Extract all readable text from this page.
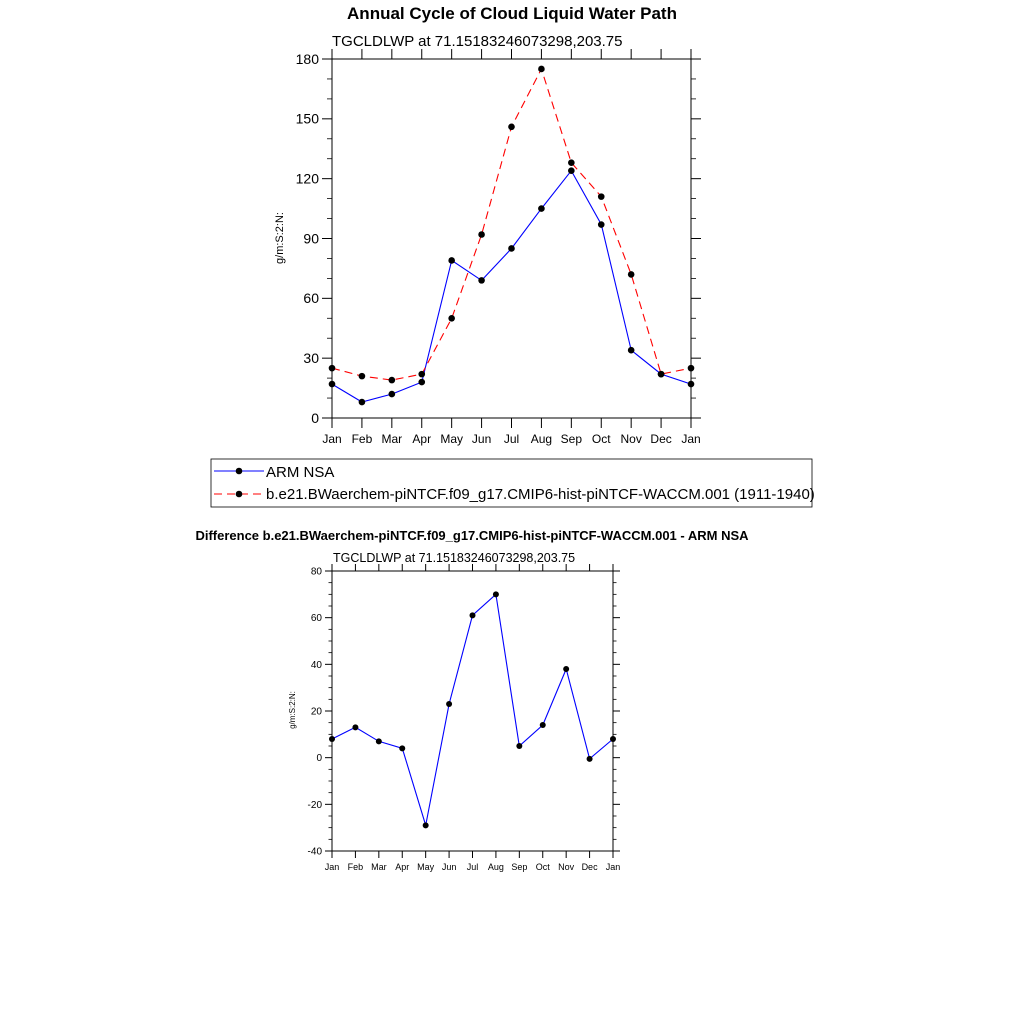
Annual Cycle of Cloud Liquid Water Path
TGCLDLWP at 71.15183246073298,203.75
g/m:S:2:N:
0
30
60
90
120
150
180
Jan Feb Mar Apr May Jun Jul Aug Sep Oct Nov Dec Jan
ARM NSA
b.e21.BWaerchem-piNTCF.f09_g17.CMIP6-hist-piNTCF-WACCM.001 (1911-1940)
Difference b.e21.BWaerchem-piNTCF.f09_g17.CMIP6-hist-piNTCF-WACCM.001 - ARM NSA
TGCLDLWP at 71.15183246073298,203.75
g/m:S:2:N:
-40
-20
0
20
40
60
80
Jan Feb Mar Apr May Jun Jul Aug Sep Oct Nov Dec Jan
